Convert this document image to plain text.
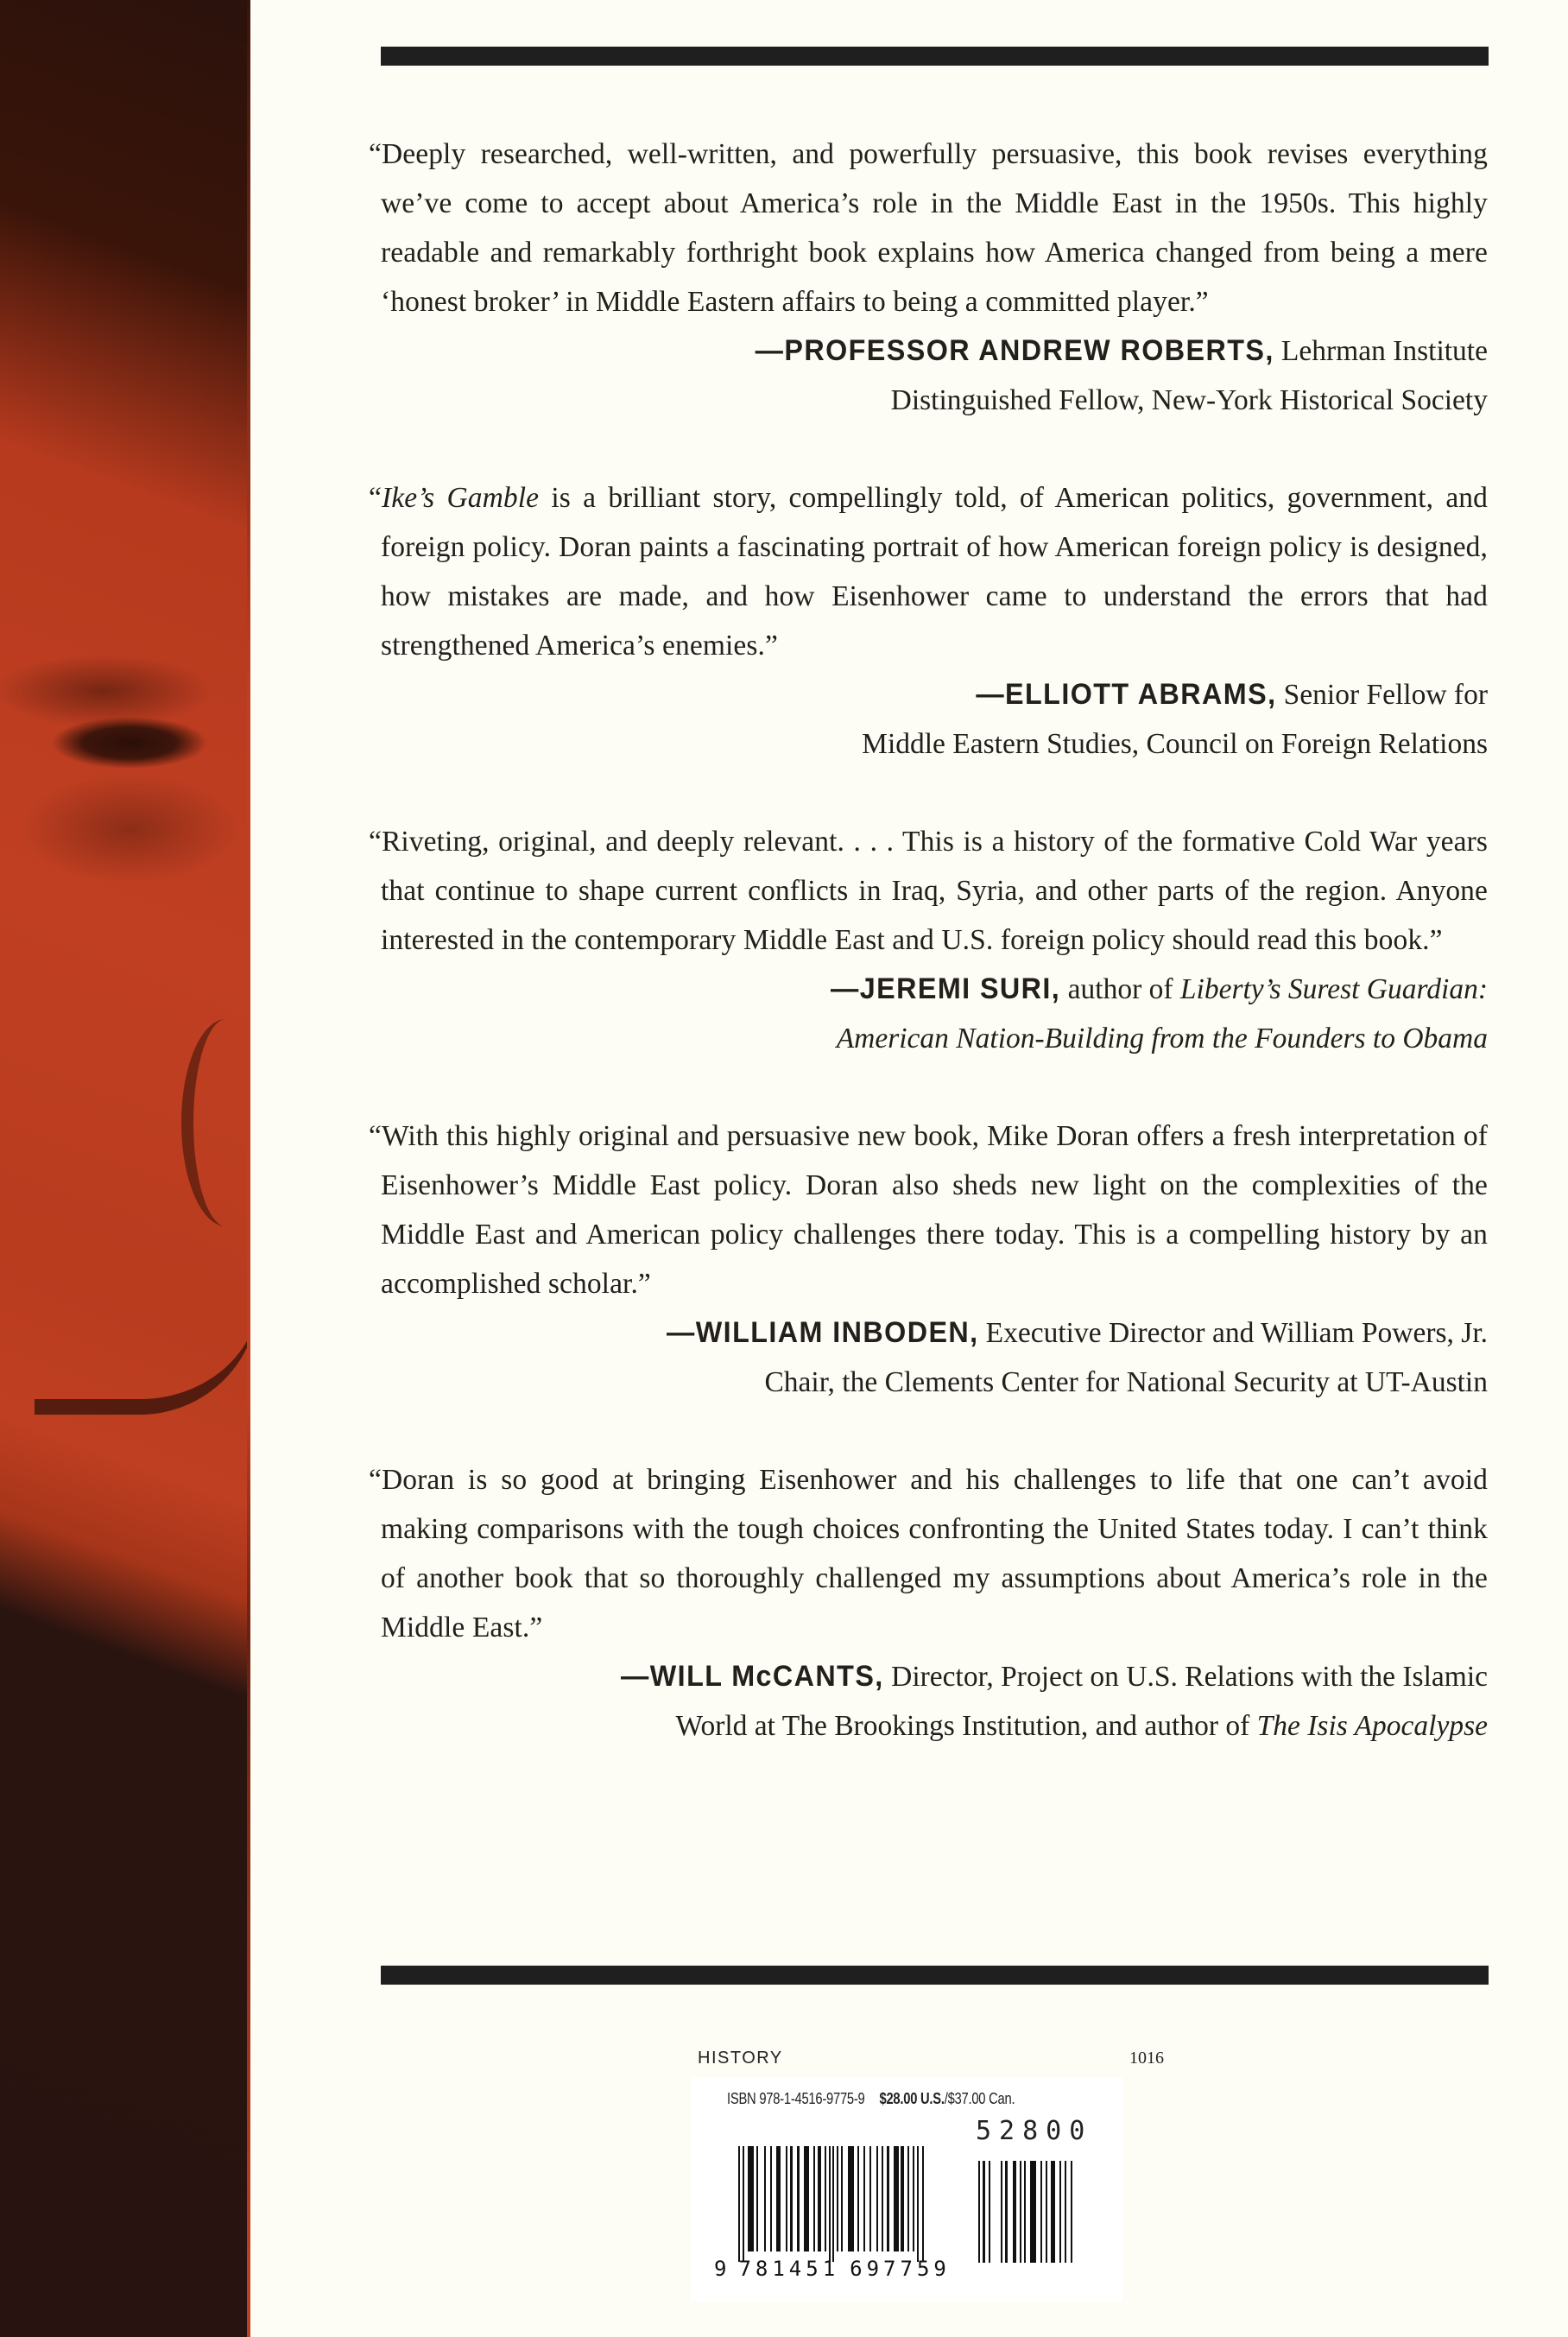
“Deeply researched, well-written, and powerfully persuasive, this book revises everything we’ve come to accept about America’s role in the Middle East in the 1950s. This highly readable and remarkably forthright book explains how America changed from being a mere ‘honest broker’ in Middle Eastern affairs to being a committed player.”

—PROFESSOR ANDREW ROBERTS, Lehrman Institute
Distinguished Fellow, New-York Historical Society

“Ike’s Gamble is a brilliant story, compellingly told, of American politics, government, and foreign policy. Doran paints a fascinating portrait of how American foreign policy is designed, how mistakes are made, and how Eisenhower came to understand the errors that had strengthened America’s enemies.”

—ELLIOTT ABRAMS, Senior Fellow for
Middle Eastern Studies, Council on Foreign Relations

“Riveting, original, and deeply relevant. . . . This is a history of the formative Cold War years that continue to shape current conflicts in Iraq, Syria, and other parts of the region. Anyone interested in the contemporary Middle East and U.S. foreign policy should read this book.”

—JEREMI SURI, author of Liberty’s Surest Guardian:
American Nation-Building from the Founders to Obama

“With this highly original and persuasive new book, Mike Doran offers a fresh interpretation of Eisenhower’s Middle East policy. Doran also sheds new light on the complexities of the Middle East and American policy challenges there today. This is a compelling history by an accomplished scholar.”

—WILLIAM INBODEN, Executive Director and William Powers, Jr.
Chair, the Clements Center for National Security at UT-Austin

“Doran is so good at bringing Eisenhower and his challenges to life that one can’t avoid making comparisons with the tough choices confronting the United States today. I can’t think of another book that so thoroughly challenged my assumptions about America’s role in the Middle East.”

—WILL McCANTS, Director, Project on U.S. Relations with the Islamic
World at The Brookings Institution, and author of The Isis Apocalypse
HISTORY	1016
ISBN 978-1-4516-9775-9 $28.00 U.S./$37.00 Can.
52800
9 781451 697759
